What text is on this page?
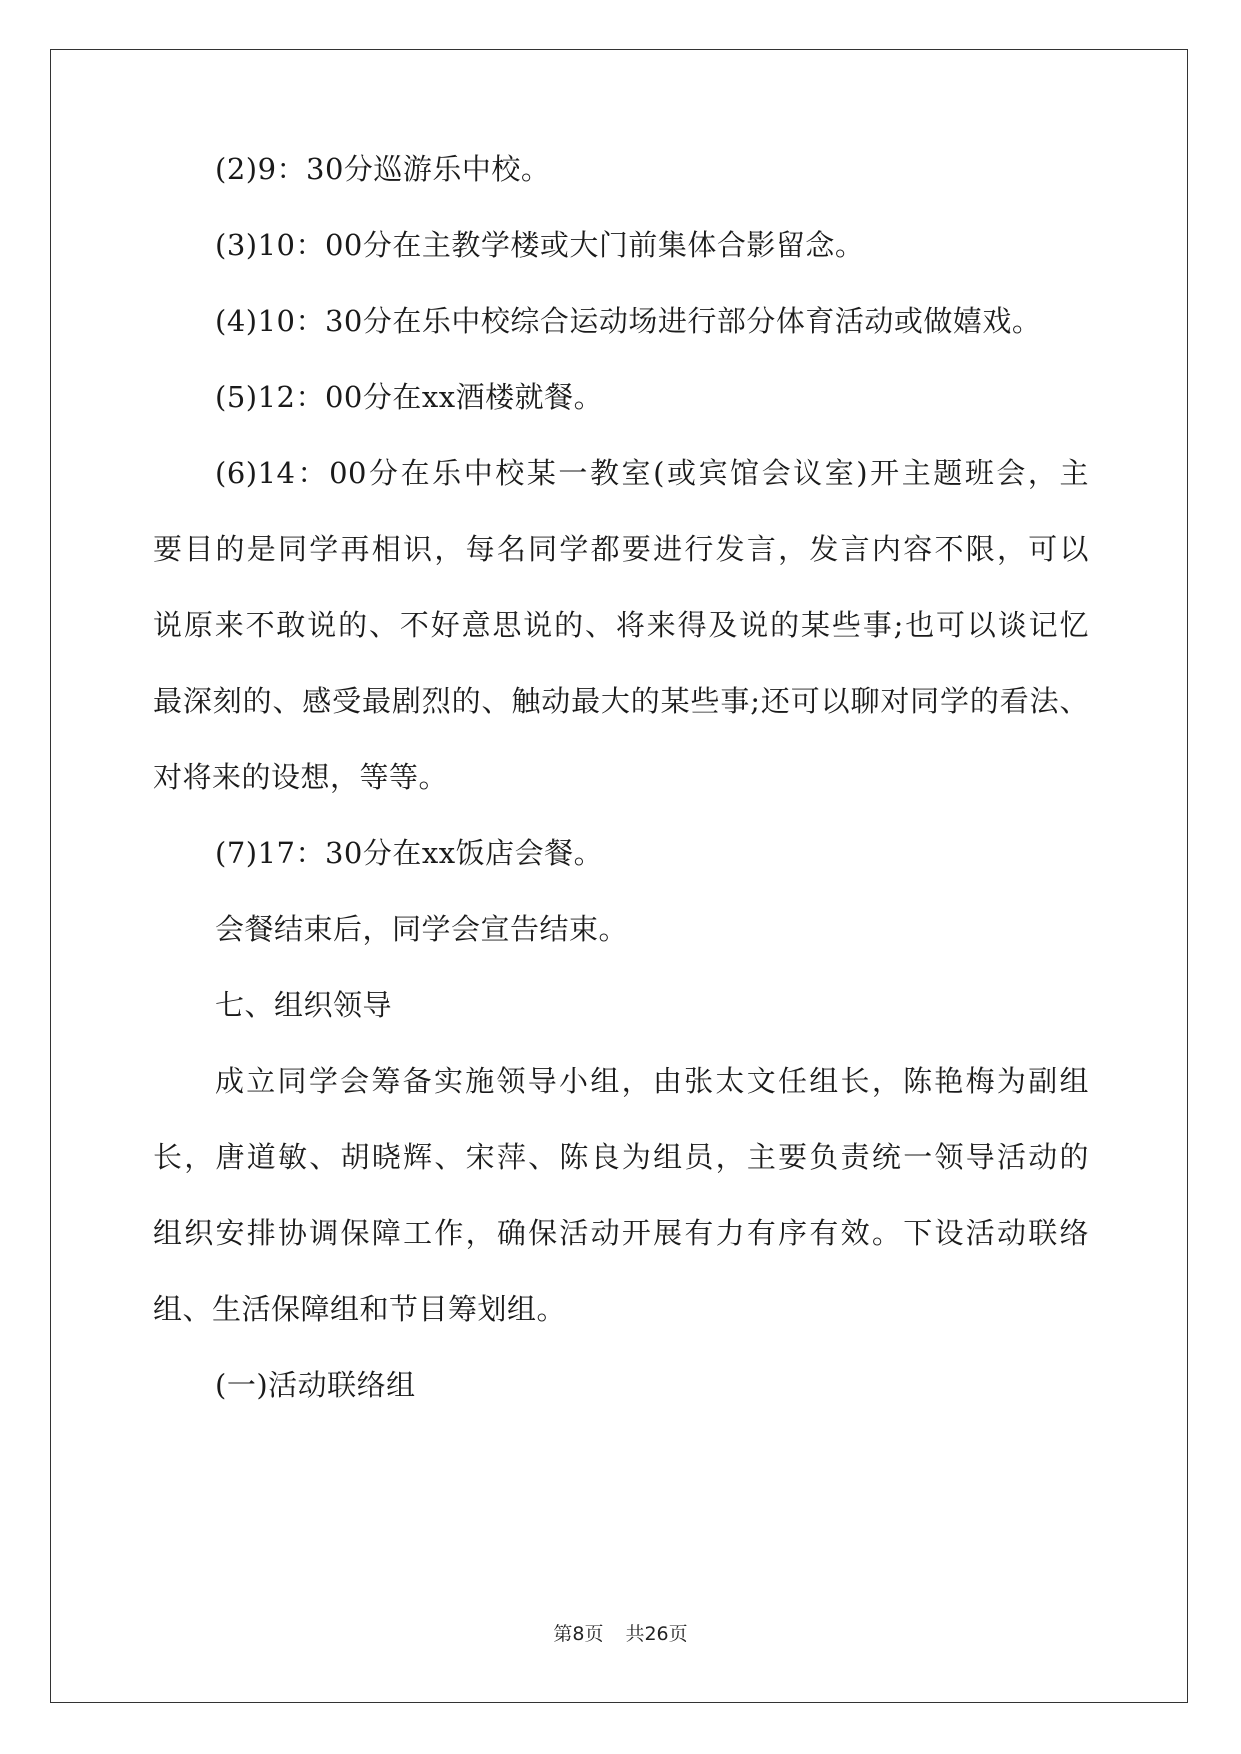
(2)9：30分巡游乐中校。
(3)10：00分在主教学楼或大门前集体合影留念。
(4)10：30分在乐中校综合运动场进行部分体育活动或做嬉戏。
(5)12：00分在xx酒楼就餐。
(6)14：00分在乐中校某一教室(或宾馆会议室)开主题班会，主
要目的是同学再相识，每名同学都要进行发言，发言内容不限，可以
说原来不敢说的、不好意思说的、将来得及说的某些事;也可以谈记忆
最深刻的、感受最剧烈的、触动最大的某些事;还可以聊对同学的看法、
对将来的设想，等等。
(7)17：30分在xx饭店会餐。
会餐结束后，同学会宣告结束。
七、组织领导
成立同学会筹备实施领导小组，由张太文任组长，陈艳梅为副组
长，唐道敏、胡晓辉、宋萍、陈良为组员，主要负责统一领导活动的
组织安排协调保障工作，确保活动开展有力有序有效。下设活动联络
组、生活保障组和节目筹划组。
(一)活动联络组
第8页 共26页
